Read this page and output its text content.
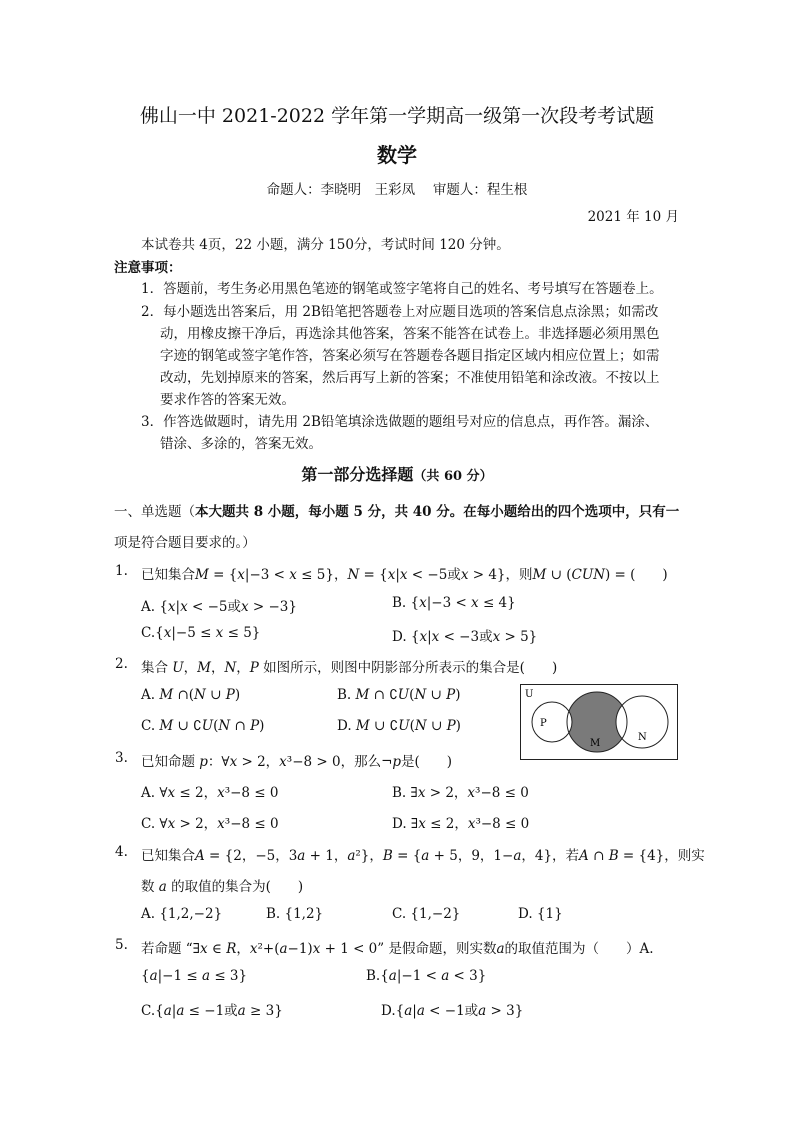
佛山一中 2021-2022 学年第一学期高一级第一次段考考试题
数学
命题人：李晓明　王彩凤　 审题人：程生根
2021 年 10 月
本试卷共 4页，22 小题，满分 150分，考试时间 120 分钟。
注意事项：
1．答题前，考生务必用黑色笔迹的钢笔或签字笔将自己的姓名、考号填写在答题卷上。
2．每小题选出答案后，用 2B铅笔把答题卷上对应题目选项的答案信息点涂黑；如需改
动，用橡皮擦干净后，再选涂其他答案，答案不能答在试卷上。非选择题必须用黑色
字迹的钢笔或签字笔作答，答案必须写在答题卷各题目指定区域内相应位置上；如需
改动，先划掉原来的答案，然后再写上新的答案；不准使用铅笔和涂改液。不按以上
要求作答的答案无效。
3．作答选做题时，请先用 2B铅笔填涂选做题的题组号对应的信息点，再作答。漏涂、
错涂、多涂的，答案无效。
第一部分选择题（共 60 分）
一、单选题（本大题共 8 小题，每小题 5 分，共 40 分。在每小题给出的四个选项中，只有一
项是符合题目要求的。）
1. 已知集合𝑀 = {𝑥|−3 < 𝑥 ≤ 5}，𝑁 = {𝑥|𝑥 < −5或𝑥 > 4}，则𝑀 ∪ (𝐶𝑈𝑁) = (　　)
A. {𝑥|𝑥 < −5或𝑥 > −3}	B. {𝑥|−3 < 𝑥 ≤ 4}
C.{𝑥|−5 ≤ 𝑥 ≤ 5}	D. {𝑥|𝑥 < −3或𝑥 > 5}
2. 集合 𝑈，𝑀，𝑁，𝑃 如图所示，则图中阴影部分所表示的集合是(　　)
A. 𝑀 ∩(𝑁 ∪ 𝑃)	B. 𝑀 ∩ ∁𝑈(𝑁 ∪ 𝑃)
C. 𝑀 ∪ ∁𝑈(𝑁 ∩ 𝑃)	D. 𝑀 ∪ ∁𝑈(𝑁 ∪ 𝑃)
U
P
M
N
3. 已知命题 𝑝：∀𝑥 > 2，𝑥³−8 > 0，那么¬𝑝是(　　)
A. ∀𝑥 ≤ 2，𝑥³−8 ≤ 0	B. ∃𝑥 > 2，𝑥³−8 ≤ 0
C. ∀𝑥 > 2，𝑥³−8 ≤ 0	D. ∃𝑥 ≤ 2，𝑥³−8 ≤ 0
4. 已知集合𝐴 = {2，−5，3𝑎 + 1，𝑎²}，𝐵 = {𝑎 + 5，9，1−𝑎，4}，若𝐴 ∩ 𝐵 = {4}，则实
数 𝑎 的取值的集合为(　　)
A. {1,2,−2}	B. {1,2}	C. {1,−2}	D. {1}
5. 若命题 “∃𝑥 ∈ 𝑅，𝑥²+(𝑎−1)𝑥 + 1 < 0” 是假命题，则实数𝑎的取值范围为（　　）A.
{𝑎|−1 ≤ 𝑎 ≤ 3}	B.{𝑎|−1 < 𝑎 < 3}
C.{𝑎|𝑎 ≤ −1或𝑎 ≥ 3}	D.{𝑎|𝑎 < −1或𝑎 > 3}
